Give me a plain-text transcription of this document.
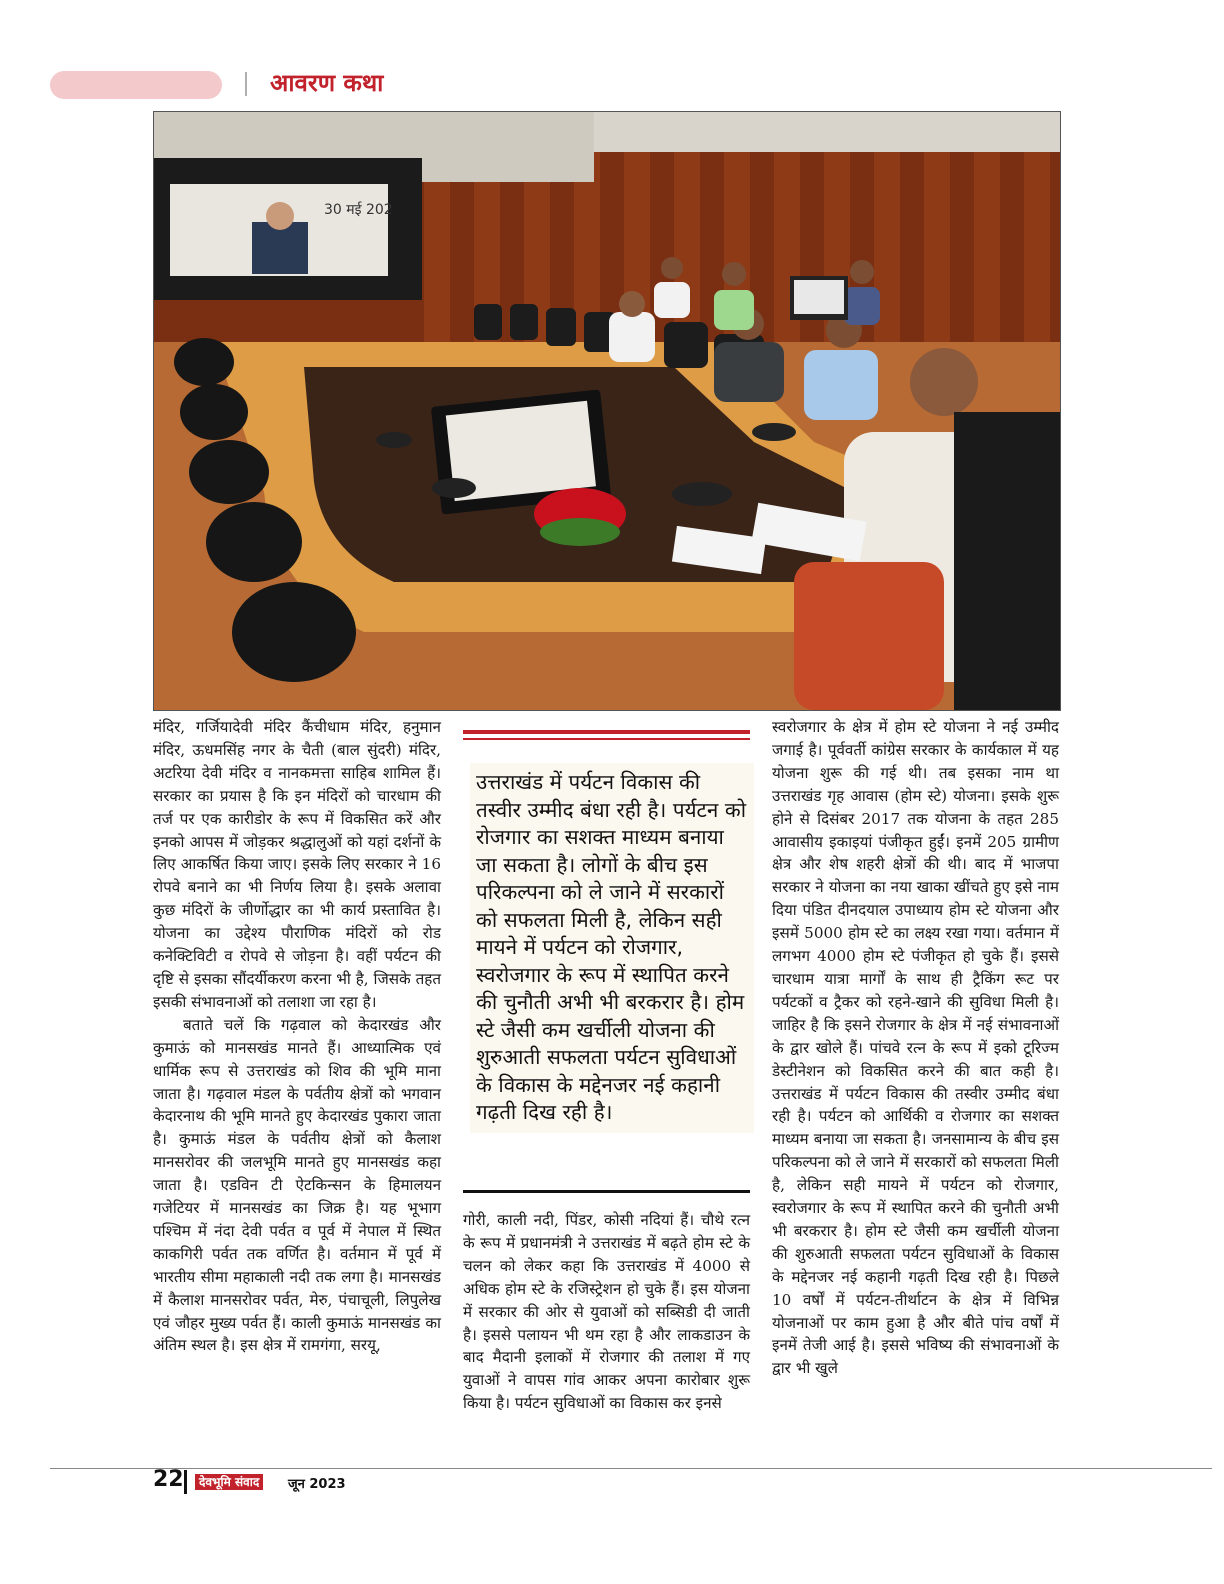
आवरण कथा
30 मई 202

मंदिर, गर्जियादेवी मंदिर कैंचीधाम मंदिर, हनुमान मंदिर, ऊधमसिंह नगर के चैती (बाल सुंदरी) मंदिर, अटरिया देवी मंदिर व नानकमत्ता साहिब शामिल हैं। सरकार का प्रयास है कि इन मंदिरों को चारधाम की तर्ज पर एक कारीडोर के रूप में विकसित करें और इनको आपस में जोड़कर श्रद्धालुओं को यहां दर्शनों के लिए आकर्षित किया जाए। इसके लिए सरकार ने 16 रोपवे बनाने का भी निर्णय लिया है। इसके अलावा कुछ मंदिरों के जीर्णोद्धार का भी कार्य प्रस्तावित है। योजना का उद्देश्य पौराणिक मंदिरों को रोड कनेक्टिविटी व रोपवे से जोड़ना है। वहीं पर्यटन की दृष्टि से इसका सौंदर्यीकरण करना भी है, जिसके तहत इसकी संभावनाओं को तलाशा जा रहा है।

बताते चलें कि गढ़वाल को केदारखंड और कुमाऊं को मानसखंड मानते हैं। आध्यात्मिक एवं धार्मिक रूप से उत्तराखंड को शिव की भूमि माना जाता है। गढ़वाल मंडल के पर्वतीय क्षेत्रों को भगवान केदारनाथ की भूमि मानते हुए केदारखंड पुकारा जाता है। कुमाऊं मंडल के पर्वतीय क्षेत्रों को कैलाश मानसरोवर की जलभूमि मानते हुए मानसखंड कहा जाता है। एडविन टी ऐटकिन्सन के हिमालयन गजेटियर में मानसखंड का जिक्र है। यह भूभाग पश्चिम में नंदा देवी पर्वत व पूर्व में नेपाल में स्थित काकगिरी पर्वत तक वर्णित है। वर्तमान में पूर्व में भारतीय सीमा महाकाली नदी तक लगा है। मानसखंड में कैलाश मानसरोवर पर्वत, मेरु, पंचाचूली, लिपुलेख एवं जौहर मुख्य पर्वत हैं। काली कुमाऊं मानसखंड का अंतिम स्थल है। इस क्षेत्र में रामगंगा, सरयू,

उत्तराखंड में पर्यटन विकास की तस्वीर उम्मीद बंधा रही है। पर्यटन को रोजगार का सशक्त माध्यम बनाया जा सकता है। लोगों के बीच इस परिकल्पना को ले जाने में सरकारों को सफलता मिली है, लेकिन सही मायने में पर्यटन को रोजगार, स्वरोजगार के रूप में स्थापित करने की चुनौती अभी भी बरकरार है। होम स्टे जैसी कम खर्चीली योजना की शुरुआती सफलता पर्यटन सुविधाओं के विकास के मद्देनजर नई कहानी गढ़ती दिख रही है।

गोरी, काली नदी, पिंडर, कोसी नदियां हैं। चौथे रत्न के रूप में प्रधानमंत्री ने उत्तराखंड में बढ़ते होम स्टे के चलन को लेकर कहा कि उत्तराखंड में 4000 से अधिक होम स्टे के रजिस्ट्रेशन हो चुके हैं। इस योजना में सरकार की ओर से युवाओं को सब्सिडी दी जाती है। इससे पलायन भी थम रहा है और लाकडाउन के बाद मैदानी इलाकों में रोजगार की तलाश में गए युवाओं ने वापस गांव आकर अपना कारोबार शुरू किया है। पर्यटन सुविधाओं का विकास कर इनसे

स्वरोजगार के क्षेत्र में होम स्टे योजना ने नई उम्मीद जगाई है। पूर्ववर्ती कांग्रेस सरकार के कार्यकाल में यह योजना शुरू की गई थी। तब इसका नाम था उत्तराखंड गृह आवास (होम स्टे) योजना। इसके शुरू होने से दिसंबर 2017 तक योजना के तहत 285 आवासीय इकाइयां पंजीकृत हुईं। इनमें 205 ग्रामीण क्षेत्र और शेष शहरी क्षेत्रों की थी। बाद में भाजपा सरकार ने योजना का नया खाका खींचते हुए इसे नाम दिया पंडित दीनदयाल उपाध्याय होम स्टे योजना और इसमें 5000 होम स्टे का लक्ष्य रखा गया। वर्तमान में लगभग 4000 होम स्टे पंजीकृत हो चुके हैं। इससे चारधाम यात्रा मार्गों के साथ ही ट्रैकिंग रूट पर पर्यटकों व ट्रैकर को रहने-खाने की सुविधा मिली है। जाहिर है कि इसने रोजगार के क्षेत्र में नई संभावनाओं के द्वार खोले हैं। पांचवे रत्न के रूप में इको टूरिज्म डेस्टीनेशन को विकसित करने की बात कही है। उत्तराखंड में पर्यटन विकास की तस्वीर उम्मीद बंधा रही है। पर्यटन को आर्थिकी व रोजगार का सशक्त माध्यम बनाया जा सकता है। जनसामान्य के बीच इस परिकल्पना को ले जाने में सरकारों को सफलता मिली है, लेकिन सही मायने में पर्यटन को रोजगार, स्वरोजगार के रूप में स्थापित करने की चुनौती अभी भी बरकरार है। होम स्टे जैसी कम खर्चीली योजना की शुरुआती सफलता पर्यटन सुविधाओं के विकास के मद्देनजर नई कहानी गढ़ती दिख रही है। पिछले 10 वर्षों में पर्यटन-तीर्थाटन के क्षेत्र में विभिन्न योजनाओं पर काम हुआ है और बीते पांच वर्षों में इनमें तेजी आई है। इससे भविष्य की संभावनाओं के द्वार भी खुले

22	देवभूमि संवाद	जून 2023
